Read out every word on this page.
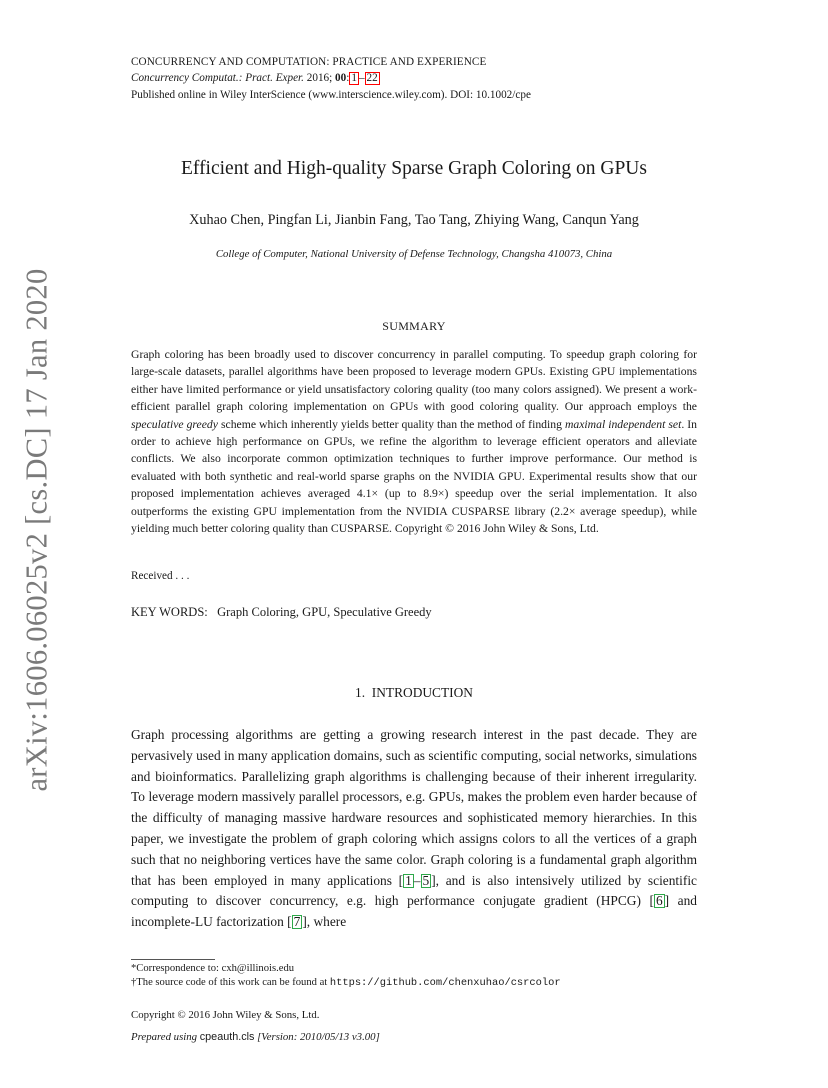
CONCURRENCY AND COMPUTATION: PRACTICE AND EXPERIENCE
Concurrency Computat.: Pract. Exper. 2016; 00: 1 – 22
Published online in Wiley InterScience (www.interscience.wiley.com). DOI: 10.1002/cpe
arXiv:1606.06025v2 [cs.DC] 17 Jan 2020
Efficient and High-quality Sparse Graph Coloring on GPUs
Xuhao Chen, Pingfan Li, Jianbin Fang, Tao Tang, Zhiying Wang, Canqun Yang
College of Computer, National University of Defense Technology, Changsha 410073, China
SUMMARY
Graph coloring has been broadly used to discover concurrency in parallel computing. To speedup graph coloring for large-scale datasets, parallel algorithms have been proposed to leverage modern GPUs. Existing GPU implementations either have limited performance or yield unsatisfactory coloring quality (too many colors assigned). We present a work-efficient parallel graph coloring implementation on GPUs with good coloring quality. Our approach employs the speculative greedy scheme which inherently yields better quality than the method of finding maximal independent set. In order to achieve high performance on GPUs, we refine the algorithm to leverage efficient operators and alleviate conflicts. We also incorporate common optimization techniques to further improve performance. Our method is evaluated with both synthetic and real-world sparse graphs on the NVIDIA GPU. Experimental results show that our proposed implementation achieves averaged 4.1× (up to 8.9×) speedup over the serial implementation. It also outperforms the existing GPU implementation from the NVIDIA CUSPARSE library (2.2× average speedup), while yielding much better coloring quality than CUSPARSE. Copyright © 2016 John Wiley & Sons, Ltd.
Received . . .
KEY WORDS:   Graph Coloring, GPU, Speculative Greedy
1.  INTRODUCTION
Graph processing algorithms are getting a growing research interest in the past decade. They are pervasively used in many application domains, such as scientific computing, social networks, simulations and bioinformatics. Parallelizing graph algorithms is challenging because of their inherent irregularity. To leverage modern massively parallel processors, e.g. GPUs, makes the problem even harder because of the difficulty of managing massive hardware resources and sophisticated memory hierarchies. In this paper, we investigate the problem of graph coloring which assigns colors to all the vertices of a graph such that no neighboring vertices have the same color. Graph coloring is a fundamental graph algorithm that has been employed in many applications [ 1 – 5 ], and is also intensively utilized by scientific computing to discover concurrency, e.g. high performance conjugate gradient (HPCG) [ 6 ] and incomplete-LU factorization [ 7 ], where
*Correspondence to: cxh@illinois.edu
†The source code of this work can be found at https://github.com/chenxuhao/csrcolor
Copyright © 2016 John Wiley & Sons, Ltd.
Prepared using cpeauth.cls [Version: 2010/05/13 v3.00]
